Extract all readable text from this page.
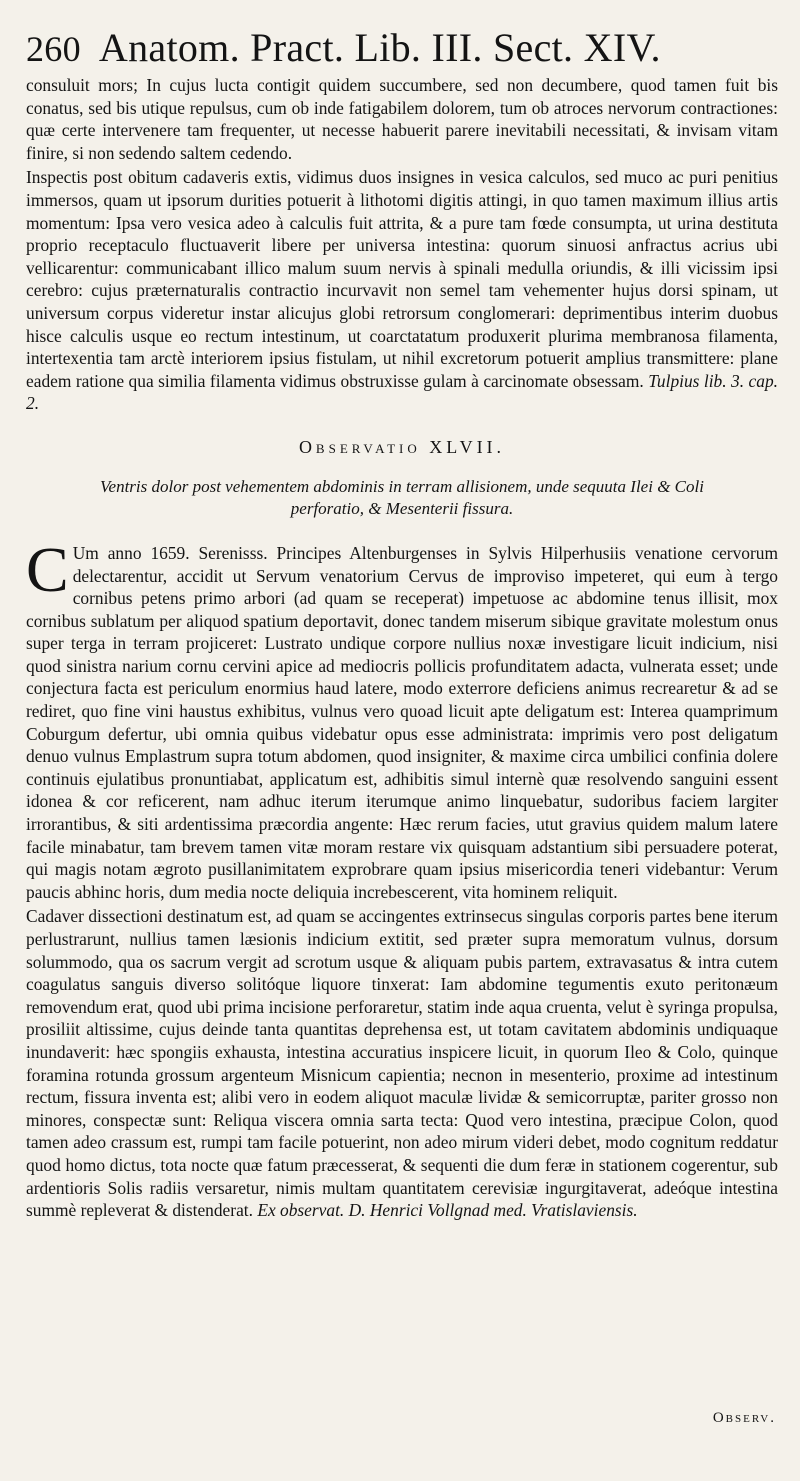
260 Anatom. Pract. Lib. III. Sect. XIV.

consuluit mors; In cujus lucta contigit quidem succumbere, sed non decumbere, quod tamen fuit bis conatus, sed bis utique repulsus, cum ob inde fatigabilem dolorem, tum ob atroces nervorum contractiones: quæ certe intervenere tam frequenter, ut necesse habuerit parere inevitabili necessitati, & invisam vitam finire, si non sedendo saltem cedendo.

Inspectis post obitum cadaveris extis, vidimus duos insignes in vesica calculos, sed muco ac puri penitius immersos, quam ut ipsorum durities potuerit à lithotomi digitis attingi, in quo tamen maximum illius artis momentum: Ipsa vero vesica adeo à calculis fuit attrita, & a pure tam fœde consumpta, ut urina destituta proprio receptaculo fluctuaverit libere per universa intestina: quorum sinuosi anfractus acrius ubi vellicarentur: communicabant illico malum suum nervis à spinali medulla oriundis, & illi vicissim ipsi cerebro: cujus præternaturalis contractio incurvavit non semel tam vehementer hujus dorsi spinam, ut universum corpus videretur instar alicujus globi retrorsum conglomerari: deprimentibus interim duobus hisce calculis usque eo rectum intestinum, ut coarctatatum produxerit plurima membranosa filamenta, intertexentia tam arctè interiorem ipsius fistulam, ut nihil excretorum potuerit amplius transmittere: plane eadem ratione qua similia filamenta vidimus obstruxisse gulam à carcinomate obsessam. Tulpius lib. 3. cap. 2.

Observatio XLVII.
Ventris dolor post vehementem abdominis in terram allisionem, unde sequuta Ilei & Coli perforatio, & Mesenterii fissura.

C Um anno 1659. Serenisss. Principes Altenburgenses in Sylvis Hilperhusiis venatione cervorum delectarentur, accidit ut Servum venatorium Cervus de improviso impeteret, qui eum à tergo cornibus petens primo arbori (ad quam se receperat) impetuose ac abdomine tenus illisit, mox cornibus sublatum per aliquod spatium deportavit, donec tandem miserum sibique gravitate molestum onus super terga in terram projiceret: Lustrato undique corpore nullius noxæ investigare licuit indicium, nisi quod sinistra narium cornu cervini apice ad mediocris pollicis profunditatem adacta, vulnerata esset; unde conjectura facta est periculum enormius haud latere, modo exterrore deficiens animus recrearetur & ad se rediret, quo fine vini haustus exhibitus, vulnus vero quoad licuit apte deligatum est: Interea quamprimum Coburgum defertur, ubi omnia quibus videbatur opus esse administrata: imprimis vero post deligatum denuo vulnus Emplastrum supra totum abdomen, quod insigniter, & maxime circa umbilici confinia dolere continuis ejulatibus pronuntiabat, applicatum est, adhibitis simul internè quæ resolvendo sanguini essent idonea & cor reficerent, nam adhuc iterum iterumque animo linquebatur, sudoribus faciem largiter irrorantibus, & siti ardentissima præcordia angente: Hæc rerum facies, utut gravius quidem malum latere facile minabatur, tam brevem tamen vitæ moram restare vix quisquam adstantium sibi persuadere poterat, qui magis notam ægroto pusillanimitatem exprobrare quam ipsius misericordia teneri videbantur: Verum paucis abhinc horis, dum media nocte deliquia increbescerent, vita hominem reliquit.

Cadaver dissectioni destinatum est, ad quam se accingentes extrinsecus singulas corporis partes bene iterum perlustrarunt, nullius tamen læsionis indicium extitit, sed præter supra memoratum vulnus, dorsum solummodo, qua os sacrum vergit ad scrotum usque & aliquam pubis partem, extravasatus & intra cutem coagulatus sanguis diverso solitóque liquore tinxerat: Iam abdomine tegumentis exuto peritonæum removendum erat, quod ubi prima incisione perforaretur, statim inde aqua cruenta, velut è syringa propulsa, prosiliit altissime, cujus deinde tanta quantitas deprehensa est, ut totam cavitatem abdominis undiquaque inundaverit: hæc spongiis exhausta, intestina accuratius inspicere licuit, in quorum Ileo & Colo, quinque foramina rotunda grossum argenteum Misnicum capientia; necnon in mesenterio, proxime ad intestinum rectum, fissura inventa est; alibi vero in eodem aliquot maculæ lividæ & semicorruptæ, pariter grosso non minores, conspectæ sunt: Reliqua viscera omnia sarta tecta: Quod vero intestina, præcipue Colon, quod tamen adeo crassum est, rumpi tam facile potuerint, non adeo mirum videri debet, modo cognitum reddatur quod homo dictus, tota nocte quæ fatum præcesserat, & sequenti die dum feræ in stationem cogerentur, sub ardentioris Solis radiis versaretur, nimis multam quantitatem cerevisiæ ingurgitaverat, adeóque intestina summè repleverat & distenderat. Ex observat. D. Henrici Vollgnad med. Vratislaviensis.

Observ.
